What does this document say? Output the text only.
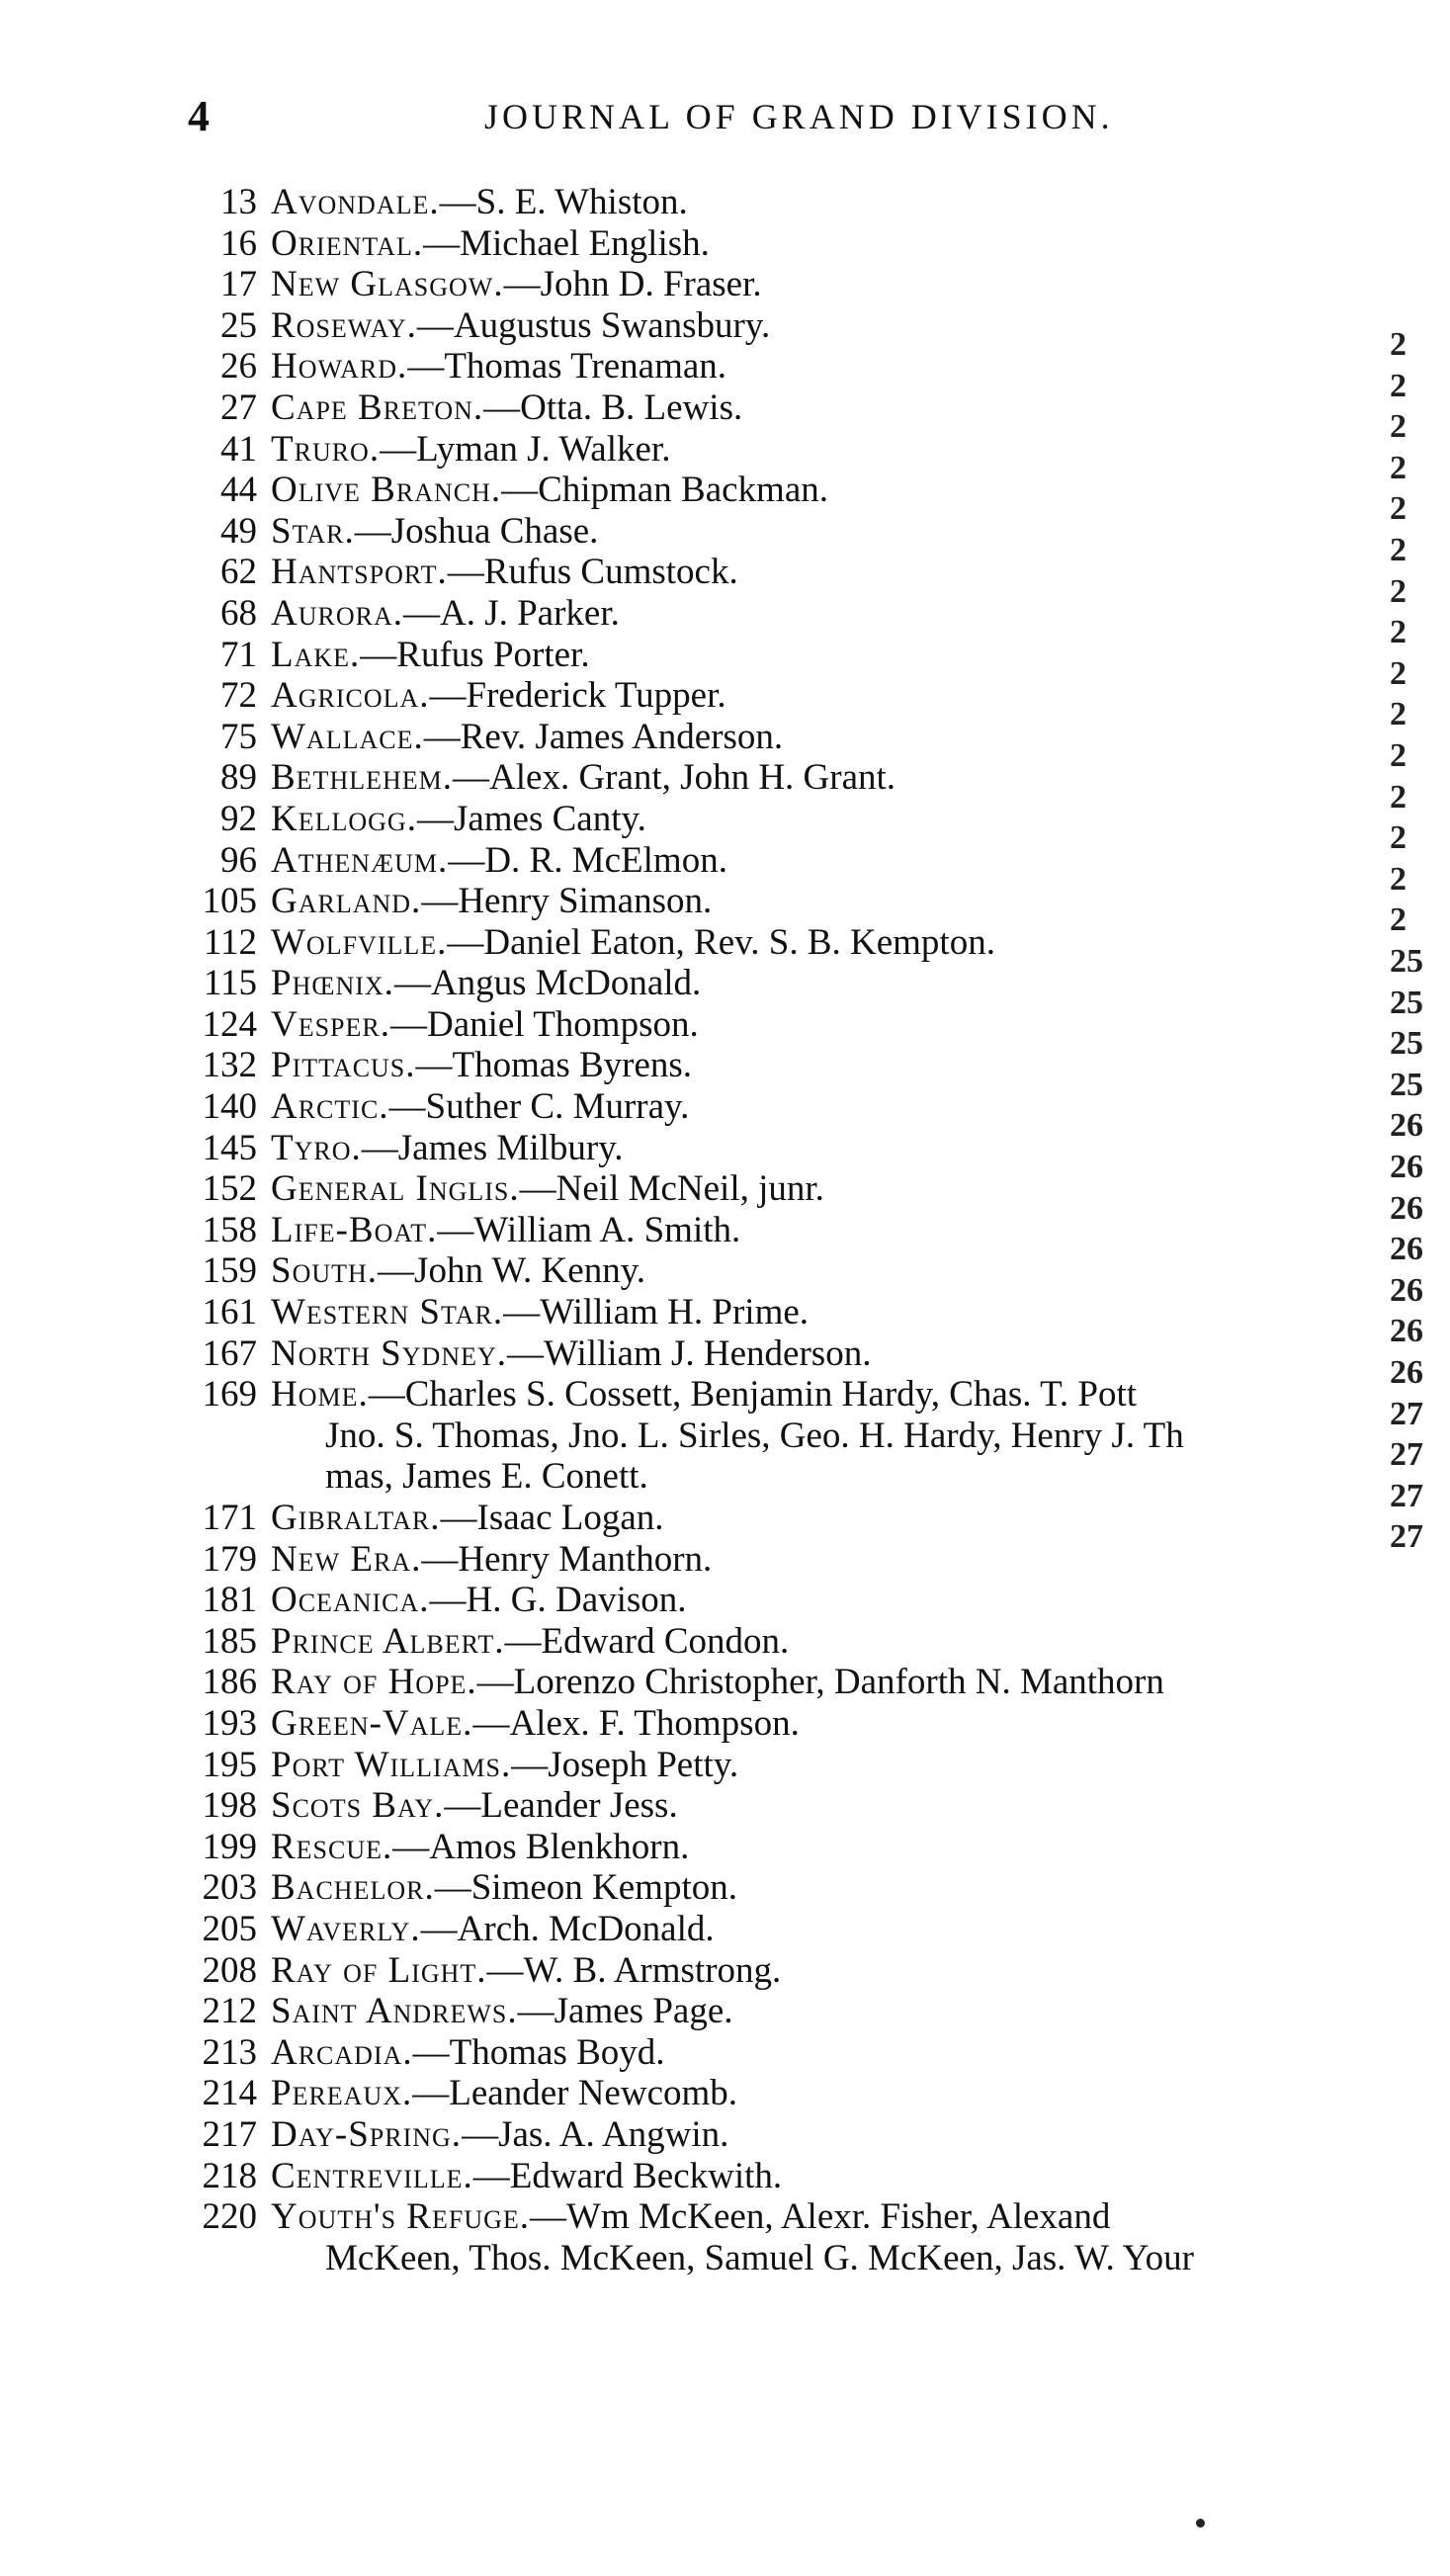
4	JOURNAL OF GRAND DIVISION.
13 Avondale.—S. E. Whiston.
16 Oriental.—Michael English.
17 New Glasgow.—John D. Fraser.
25 Roseway.—Augustus Swansbury.
26 Howard.—Thomas Trenaman.
27 Cape Breton.—Otta. B. Lewis.
41 Truro.—Lyman J. Walker.
44 Olive Branch.—Chipman Backman.
49 Star.—Joshua Chase.
62 Hantsport.—Rufus Cumstock.
68 Aurora.—A. J. Parker.
71 Lake.—Rufus Porter.
72 Agricola.—Frederick Tupper.
75 Wallace.—Rev. James Anderson.
89 Bethlehem.—Alex. Grant, John H. Grant.
92 Kellogg.—James Canty.
96 Athenæum.—D. R. McElmon.
105 Garland.—Henry Simanson.
112 Wolfville.—Daniel Eaton, Rev. S. B. Kempton.
115 Phœnix.—Angus McDonald.
124 Vesper.—Daniel Thompson.
132 Pittacus.—Thomas Byrens.
140 Arctic.—Suther C. Murray.
145 Tyro.—James Milbury.
152 General Inglis.—Neil McNeil, junr.
158 Life-Boat.—William A. Smith.
159 South.—John W. Kenny.
161 Western Star.—William H. Prime.
167 North Sydney.—William J. Henderson.
169 Home.—Charles S. Cossett, Benjamin Hardy, Chas. T. Pott
Jno. S. Thomas, Jno. L. Sirles, Geo. H. Hardy, Henry J. Th
mas, James E. Conett.
171 Gibraltar.—Isaac Logan.
179 New Era.—Henry Manthorn.
181 Oceanica.—H. G. Davison.
185 Prince Albert.—Edward Condon.
186 Ray of Hope.—Lorenzo Christopher, Danforth N. Manthorn
193 Green-Vale.—Alex. F. Thompson.
195 Port Williams.—Joseph Petty.
198 Scots Bay.—Leander Jess.
199 Rescue.—Amos Blenkhorn.
203 Bachelor.—Simeon Kempton.
205 Waverly.—Arch. McDonald.
208 Ray of Light.—W. B. Armstrong.
212 Saint Andrews.—James Page.
213 Arcadia.—Thomas Boyd.
214 Pereaux.—Leander Newcomb.
217 Day-Spring.—Jas. A. Angwin.
218 Centreville.—Edward Beckwith.
220 Youth's Refuge.—Wm McKeen, Alexr. Fisher, Alexand
McKeen, Thos. McKeen, Samuel G. McKeen, Jas. W. Your
2
2
2
2
2
2
2
2
2
2
2
2
2
2
2
25
25
25
25
26
26
26
26
26
26
26
27
27
27
27
